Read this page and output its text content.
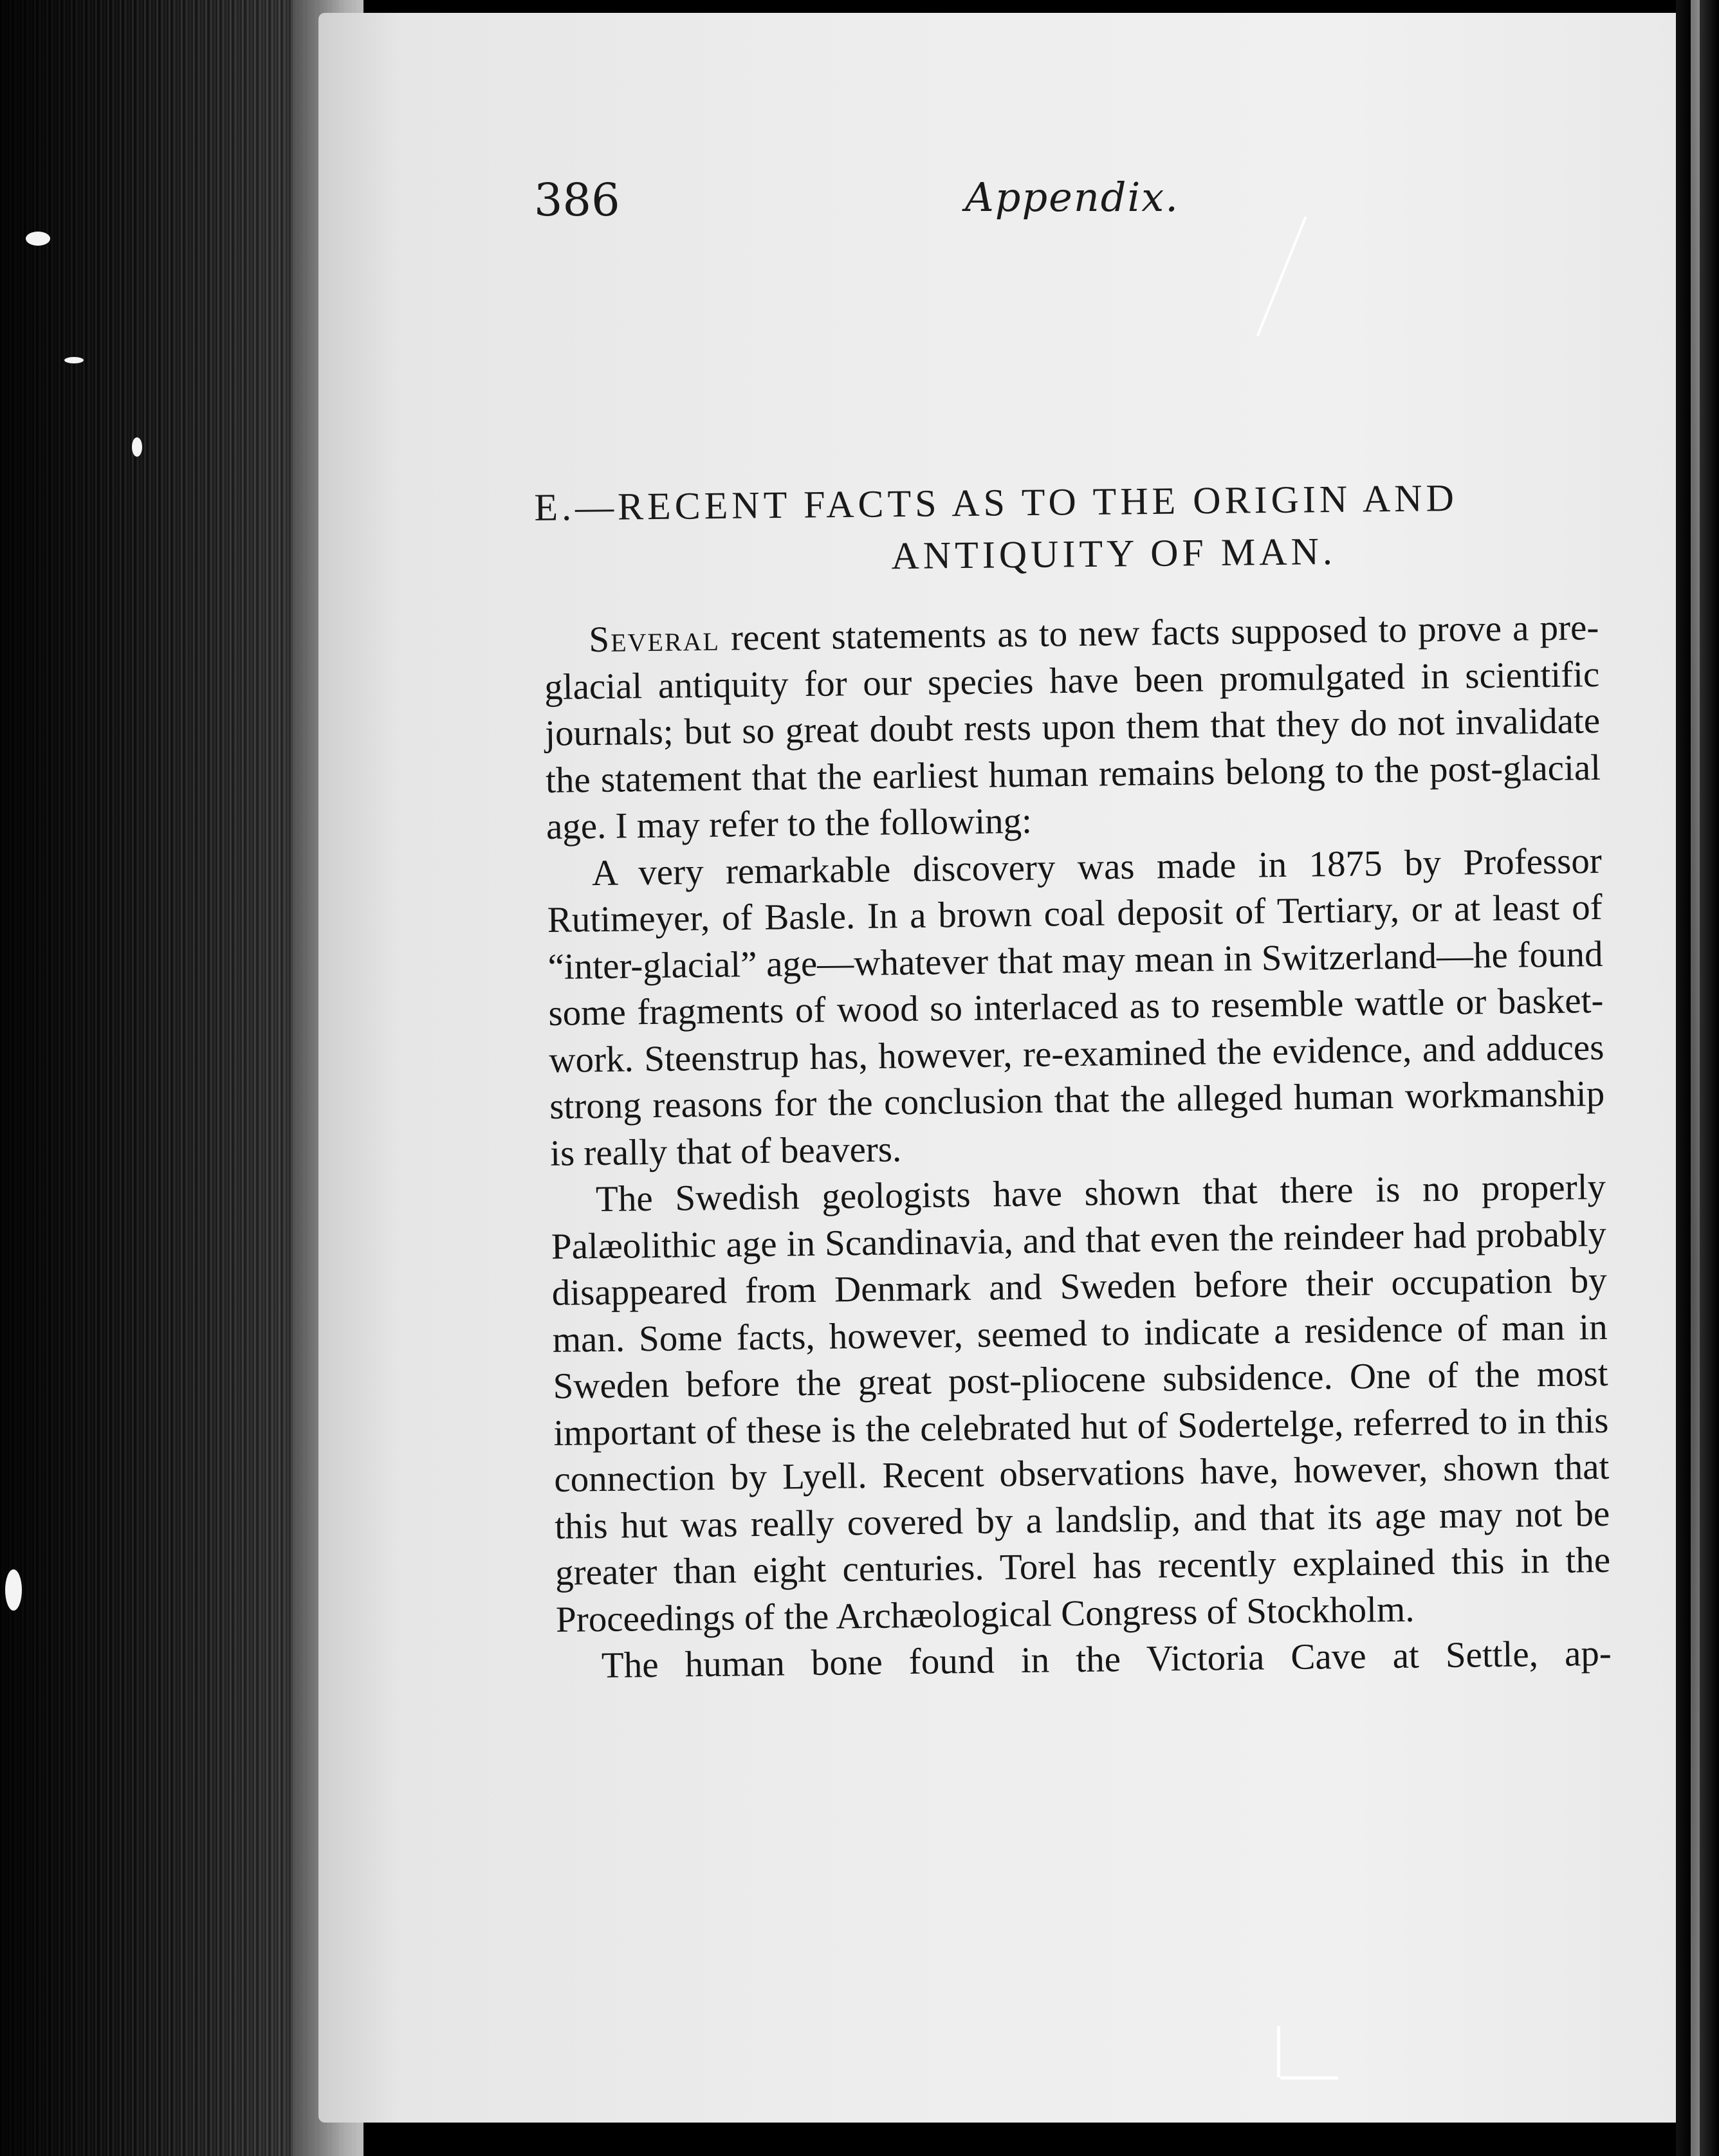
386	Appendix.
E.—RECENT FACTS AS TO THE ORIGIN AND
ANTIQUITY OF MAN.

Several recent statements as to new facts supposed to prove a pre-glacial antiquity for our species have been promulgated in scientific journals; but so great doubt rests upon them that they do not invalidate the statement that the earliest human remains belong to the post-glacial age. I may refer to the following:

A very remarkable discovery was made in 1875 by Professor Rutimeyer, of Basle. In a brown coal deposit of Tertiary, or at least of “inter-glacial” age—whatever that may mean in Switzerland—he found some fragments of wood so interlaced as to resemble wattle or basket-work. Steenstrup has, however, re-examined the evidence, and adduces strong reasons for the conclusion that the alleged human workmanship is really that of beavers.

The Swedish geologists have shown that there is no properly Palæolithic age in Scandinavia, and that even the reindeer had probably disappeared from Denmark and Sweden before their occupation by man. Some facts, however, seemed to indicate a residence of man in Sweden before the great post-pliocene subsidence. One of the most important of these is the celebrated hut of Sodertelge, referred to in this connection by Lyell. Recent observations have, however, shown that this hut was really covered by a landslip, and that its age may not be greater than eight centuries. Torel has recently explained this in the Proceedings of the Archæological Congress of Stockholm.

The human bone found in the Victoria Cave at Settle, ap-
